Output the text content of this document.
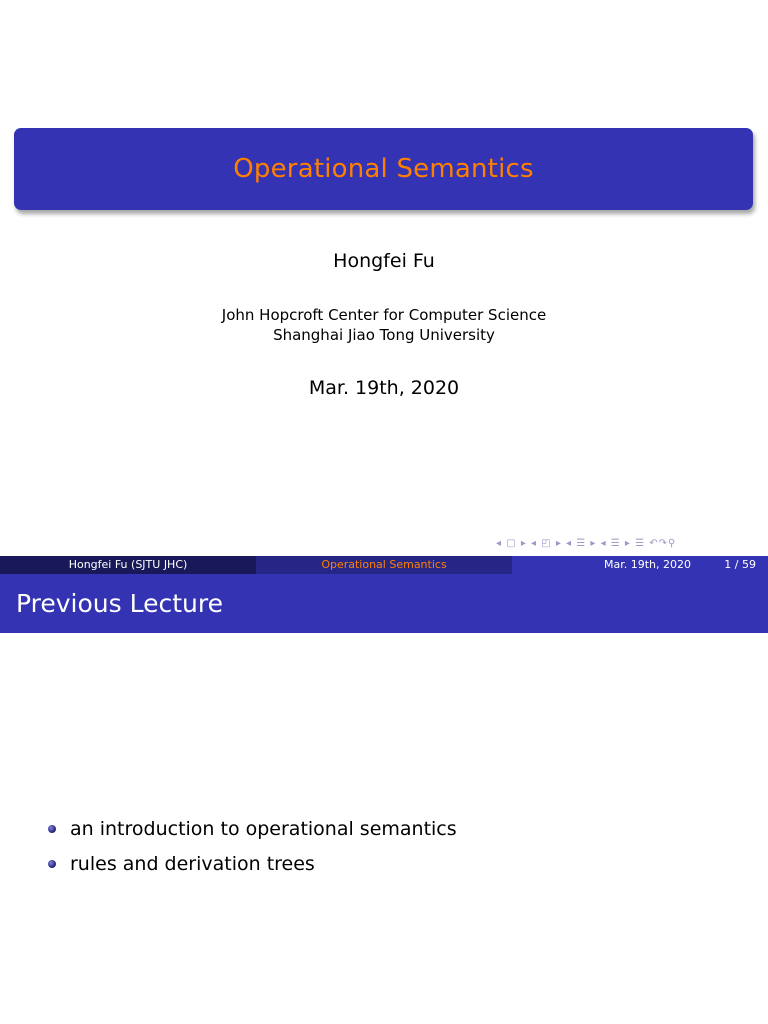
Operational Semantics
Hongfei Fu
John Hopcroft Center for Computer Science
Shanghai Jiao Tong University
Mar. 19th, 2020
◂ ▢ ▸ ◂ ◰ ▸ ◂ ☰ ▸ ◂ ☰ ▸ ☰ ↶↷⚲
Hongfei Fu (SJTU JHC)	Operational Semantics	Mar. 19th, 2020	1 / 59
Previous Lecture
an introduction to operational semantics
rules and derivation trees
